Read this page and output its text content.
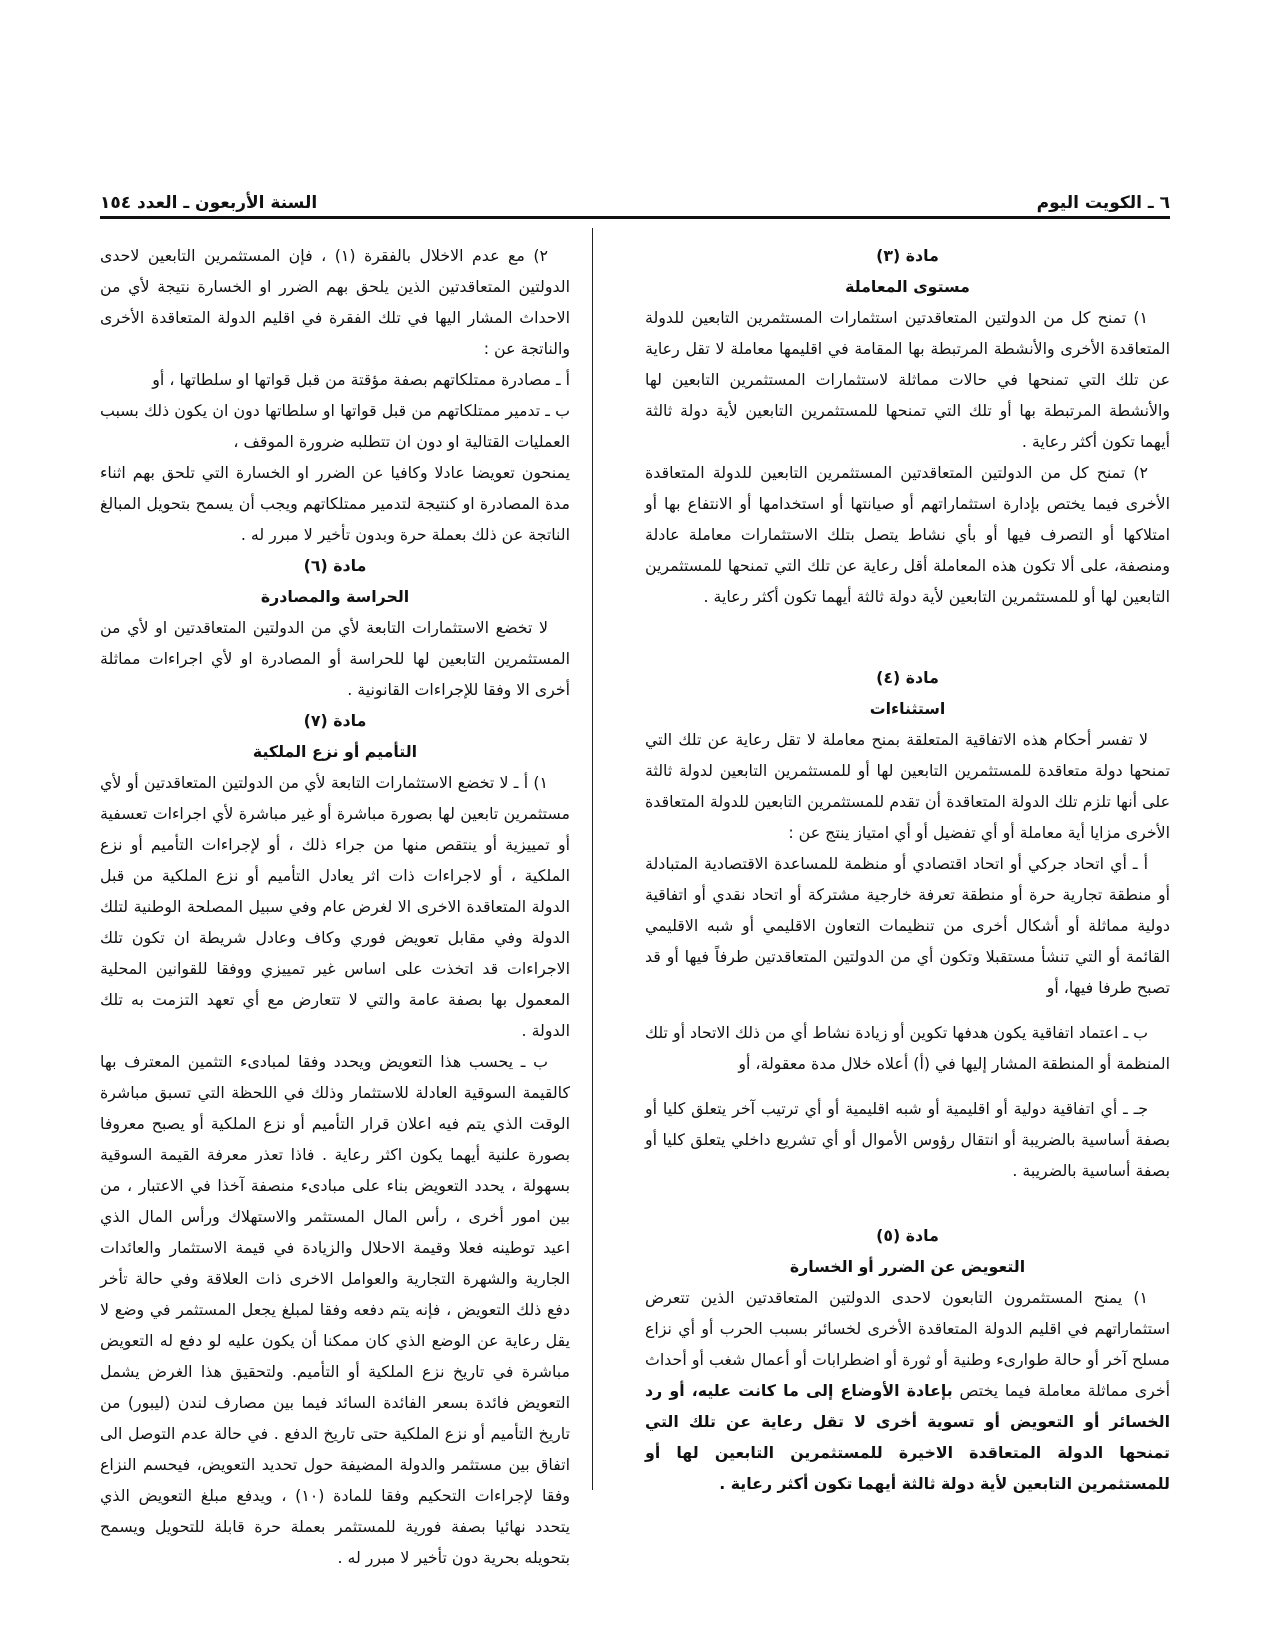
٦ ـ الكويت اليوم
السنة الأربعون ـ العدد ١٥٤

مادة (٣)

مستوى المعاملة

١) تمنح كل من الدولتين المتعاقدتين استثمارات المستثمرين التابعين للدولة المتعاقدة الأخرى والأنشطة المرتبطة بها المقامة في اقليمها معاملة لا تقل رعاية عن تلك التي تمنحها في حالات مماثلة لاستثمارات المستثمرين التابعين لها والأنشطة المرتبطة بها أو تلك التي تمنحها للمستثمرين التابعين لأية دولة ثالثة أيهما تكون أكثر رعاية .

٢) تمنح كل من الدولتين المتعاقدتين المستثمرين التابعين للدولة المتعاقدة الأخرى فيما يختص بإدارة استثماراتهم أو صيانتها أو استخدامها أو الانتفاع بها أو امتلاكها أو التصرف فيها أو بأي نشاط يتصل بتلك الاستثمارات معاملة عادلة ومنصفة، على ألا تكون هذه المعاملة أقل رعاية عن تلك التي تمنحها للمستثمرين التابعين لها أو للمستثمرين التابعين لأية دولة ثالثة أيهما تكون أكثر رعاية .

مادة (٤)

استثناءات

لا تفسر أحكام هذه الاتفاقية المتعلقة بمنح معاملة لا تقل رعاية عن تلك التي تمنحها دولة متعاقدة للمستثمرين التابعين لها أو للمستثمرين التابعين لدولة ثالثة على أنها تلزم تلك الدولة المتعاقدة أن تقدم للمستثمرين التابعين للدولة المتعاقدة الأخرى مزايا أية معاملة أو أي تفضيل أو أي امتياز ينتج عن :

أ ـ أي اتحاد جركي أو اتحاد اقتصادي أو منظمة للمساعدة الاقتصادية المتبادلة أو منطقة تجارية حرة أو منطقة تعرفة خارجية مشتركة أو اتحاد نقدي أو اتفاقية دولية مماثلة أو أشكال أخرى من تنظيمات التعاون الاقليمي أو شبه الاقليمي القائمة أو التي تنشأ مستقبلا وتكون أي من الدولتين المتعاقدتين طرفاً فيها أو قد تصبح طرفا فيها، أو

ب ـ اعتماد اتفاقية يكون هدفها تكوين أو زيادة نشاط أي من ذلك الاتحاد أو تلك المنظمة أو المنطقة المشار إليها في (أ) أعلاه خلال مدة معقولة، أو

جـ ـ أي اتفاقية دولية أو اقليمية أو شبه اقليمية أو أي ترتيب آخر يتعلق كليا أو بصفة أساسية بالضريبة أو انتقال رؤوس الأموال أو أي تشريع داخلي يتعلق كليا أو بصفة أساسية بالضريبة .

مادة (٥)

التعويض عن الضرر أو الخسارة

١) يمنح المستثمرون التابعون لاحدى الدولتين المتعاقدتين الذين تتعرض استثماراتهم في اقليم الدولة المتعاقدة الأخرى لخسائر بسبب الحرب أو أي نزاع مسلح آخر أو حالة طوارىء وطنية أو ثورة أو اضطرابات أو أعمال شغب أو أحداث أخرى مماثلة معاملة فيما يختص بإعادة الأوضاع إلى ما كانت عليه، أو رد الخسائر أو التعويض أو تسوية أخرى لا تقل رعاية عن تلك التي تمنحها الدولة المتعاقدة الاخيرة للمستثمرين التابعين لها أو للمستثمرين التابعين لأية دولة ثالثة أيهما تكون أكثر رعاية .

٢) مع عدم الاخلال بالفقرة (١) ، فإن المستثمرين التابعين لاحدى الدولتين المتعاقدتين الذين يلحق بهم الضرر او الخسارة نتيجة لأي من الاحداث المشار اليها في تلك الفقرة في اقليم الدولة المتعاقدة الأخرى والناتجة عن :

أ ـ مصادرة ممتلكاتهم بصفة مؤقتة من قبل قواتها او سلطاتها ، أو

ب ـ تدمير ممتلكاتهم من قبل قواتها او سلطاتها دون ان يكون ذلك بسبب العمليات القتالية او دون ان تتطلبه ضرورة الموقف ،

يمنحون تعويضا عادلا وكافيا عن الضرر او الخسارة التي تلحق بهم اثناء مدة المصادرة او كنتيجة لتدمير ممتلكاتهم ويجب أن يسمح بتحويل المبالغ الناتجة عن ذلك بعملة حرة وبدون تأخير لا مبرر له .

مادة (٦)

الحراسة والمصادرة

لا تخضع الاستثمارات التابعة لأي من الدولتين المتعاقدتين او لأي من المستثمرين التابعين لها للحراسة أو المصادرة او لأي اجراءات مماثلة أخرى الا وفقا للإجراءات القانونية .

مادة (٧)

التأميم أو نزع الملكية

١) أ ـ لا تخضع الاستثمارات التابعة لأي من الدولتين المتعاقدتين أو لأي مستثمرين تابعين لها بصورة مباشرة أو غير مباشرة لأي اجراءات تعسفية أو تمييزية أو ينتقص منها من جراء ذلك ، أو لإجراءات التأميم أو نزع الملكية ، أو لاجراءات ذات اثر يعادل التأميم أو نزع الملكية من قبل الدولة المتعاقدة الاخرى الا لغرض عام وفي سبيل المصلحة الوطنية لتلك الدولة وفي مقابل تعويض فوري وكاف وعادل شريطة ان تكون تلك الاجراءات قد اتخذت على اساس غير تمييزي ووفقا للقوانين المحلية المعمول بها بصفة عامة والتي لا تتعارض مع أي تعهد التزمت به تلك الدولة .

ب ـ يحسب هذا التعويض ويحدد وفقا لمبادىء التثمين المعترف بها كالقيمة السوقية العادلة للاستثمار وذلك في اللحظة التي تسبق مباشرة الوقت الذي يتم فيه اعلان قرار التأميم أو نزع الملكية أو يصبح معروفا بصورة علنية أيهما يكون اكثر رعاية . فاذا تعذر معرفة القيمة السوقية بسهولة ، يحدد التعويض بناء على مبادىء منصفة آخذا في الاعتبار ، من بين امور أخرى ، رأس المال المستثمر والاستهلاك ورأس المال الذي اعيد توطينه فعلا وقيمة الاحلال والزيادة في قيمة الاستثمار والعائدات الجارية والشهرة التجارية والعوامل الاخرى ذات العلاقة وفي حالة تأخر دفع ذلك التعويض ، فإنه يتم دفعه وفقا لمبلغ يجعل المستثمر في وضع لا يقل رعاية عن الوضع الذي كان ممكنا أن يكون عليه لو دفع له التعويض مباشرة في تاريخ نزع الملكية أو التأميم. ولتحقيق هذا الغرض يشمل التعويض فائدة بسعر الفائدة السائد فيما بين مصارف لندن (ليبور) من تاريخ التأميم أو نزع الملكية حتى تاريخ الدفع . في حالة عدم التوصل الى اتفاق بين مستثمر والدولة المضيفة حول تحديد التعويض، فيحسم النزاع وفقا لإجراءات التحكيم وفقا للمادة (١٠) ، ويدفع مبلغ التعويض الذي يتحدد نهائيا بصفة فورية للمستثمر بعملة حرة قابلة للتحويل ويسمح بتحويله بحرية دون تأخير لا مبرر له .
